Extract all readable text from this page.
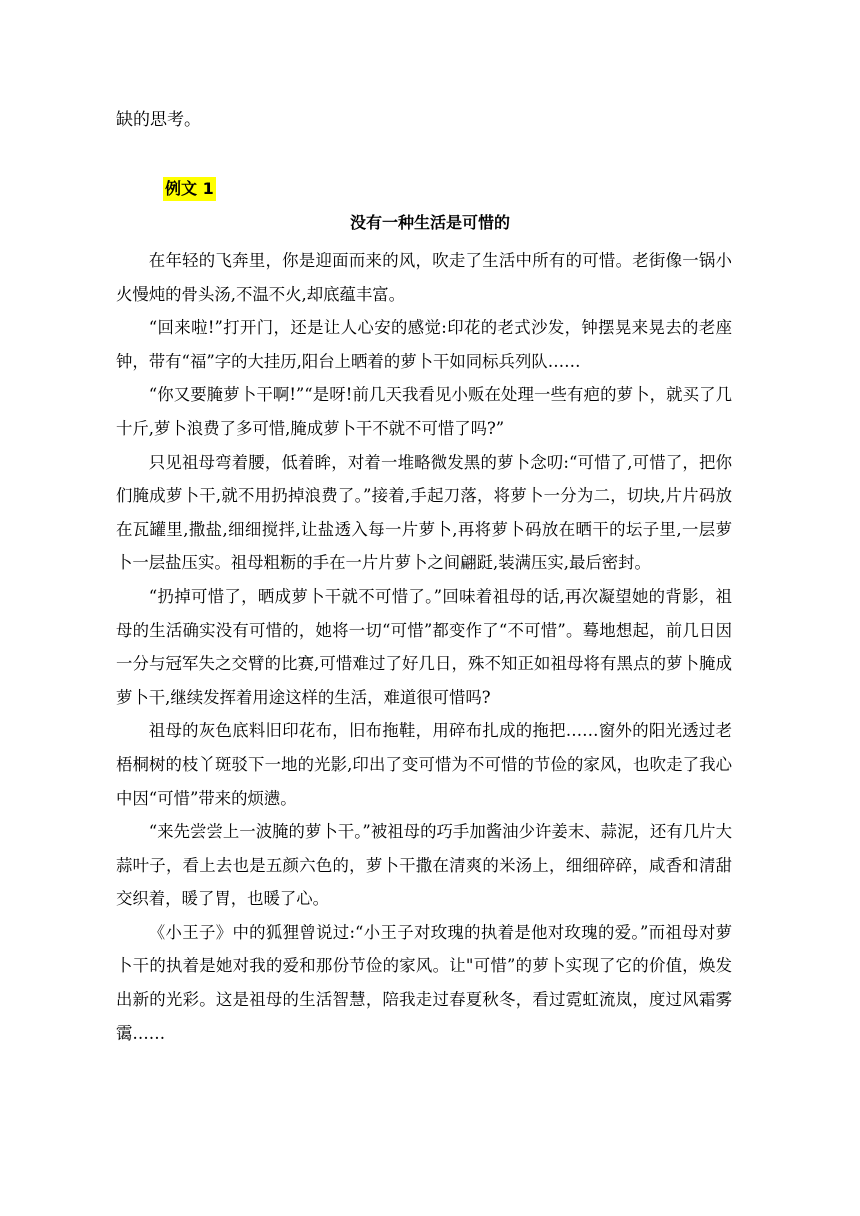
缺的思考。

例文 1

没有一种生活是可惜的

在年轻的飞奔里，你是迎面而来的风，吹走了生活中所有的可惜。老街像一锅小火慢炖的骨头汤,不温不火,却底蕴丰富。

“回来啦!”打开门，还是让人心安的感觉:印花的老式沙发，钟摆晃来晃去的老座钟，带有“福”字的大挂历,阳台上晒着的萝卜干如同标兵列队……

“你又要腌萝卜干啊!”“是呀!前几天我看见小贩在处理一些有疤的萝卜，就买了几十斤,萝卜浪费了多可惜,腌成萝卜干不就不可惜了吗?”

只见祖母弯着腰，低着眸，对着一堆略微发黑的萝卜念叨:“可惜了,可惜了，把你们腌成萝卜干,就不用扔掉浪费了。”接着,手起刀落，将萝卜一分为二，切块,片片码放在瓦罐里,撒盐,细细搅拌,让盐透入每一片萝卜,再将萝卜码放在晒干的坛子里,一层萝卜一层盐压实。祖母粗粝的手在一片片萝卜之间翩跹,装满压实,最后密封。

“扔掉可惜了，晒成萝卜干就不可惜了。”回味着祖母的话,再次凝望她的背影，祖母的生活确实没有可惜的，她将一切“可惜”都变作了“不可惜”。蓦地想起，前几日因一分与冠军失之交臂的比赛,可惜难过了好几日，殊不知正如祖母将有黑点的萝卜腌成萝卜干,继续发挥着用途这样的生活，难道很可惜吗?

祖母的灰色底料旧印花布，旧布拖鞋，用碎布扎成的拖把……窗外的阳光透过老梧桐树的枝丫斑驳下一地的光影,印出了变可惜为不可惜的节俭的家风，也吹走了我心中因“可惜”带来的烦懑。

“来先尝尝上一波腌的萝卜干。”被祖母的巧手加酱油少许姜末、蒜泥，还有几片大蒜叶子，看上去也是五颜六色的，萝卜干撒在清爽的米汤上，细细碎碎，咸香和清甜交织着，暖了胃，也暖了心。

《小王子》中的狐狸曾说过:“小王子对玫瑰的执着是他对玫瑰的爱。”而祖母对萝卜干的执着是她对我的爱和那份节俭的家风。让"可惜”的萝卜实现了它的价值，焕发出新的光彩。这是祖母的生活智慧，陪我走过春夏秋冬，看过霓虹流岚，度过风霜雾霭……
